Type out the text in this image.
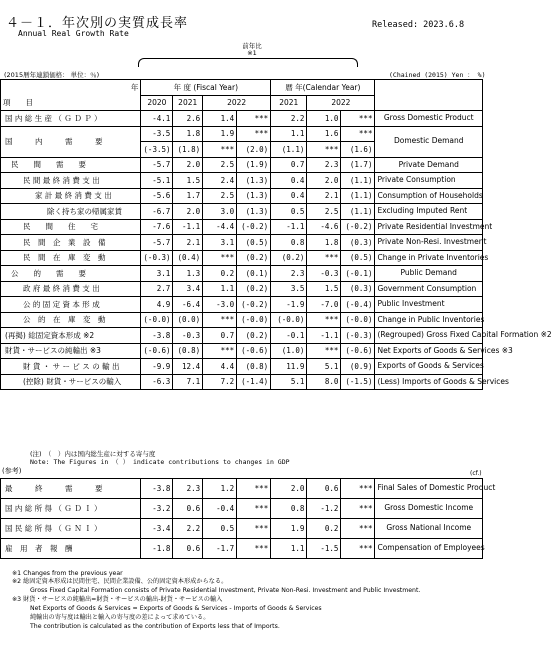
４－１．年次別の実質成長率
Annual Real Growth Rate
Released: 2023.6.8
前年比
※1
(2015暦年連鎖価格： 単位：％)	(Chained (2015) Yen ： %)
年	年 度 (Fiscal Year)				暦 年(Calendar Year)			
項　　目	2020	2021	2022		2021	2022		
国 内 総 生 産 （ Ｇ Ｄ Ｐ ）	-4.1	2.6	1.4	***	2.2	1.0	***	Gross Domestic Product
国　　　内　　　需　　　要	-3.5	1.8	1.9	***	1.1	1.6	***	Domestic Demand
	(-3.5)	(1.8)	***	(2.0)	(1.1)	***	(1.6)	
民　　間　　需　　要	-5.7	2.0	2.5	(1.9)	0.7	2.3	(1.7)	Private Demand
民 間 最 終 消 費 支 出	-5.1	1.5	2.4	(1.3)	0.4	2.0	(1.1)	Private Consumption
家 計 最 終 消 費 支 出	-5.6	1.7	2.5	(1.3)	0.4	2.1	(1.1)	Consumption of Households
除く持ち家の帰属家賃	-6.7	2.0	3.0	(1.3)	0.5	2.5	(1.1)	Excluding Imputed Rent
民　　間　　住　　宅	-7.6	-1.1	-4.4	(-0.2)	-1.1	-4.6	(-0.2)	Private Residential Investment
民　間　企　業　設　備	-5.7	2.1	3.1	(0.5)	0.8	1.8	(0.3)	Private Non-Resi. Investment
民　間　在　庫　変　動	(-0.3)	(0.4)	***	(0.2)	(0.2)	***	(0.5)	Change in Private Inventories
公　　的　　需　　要	3.1	1.3	0.2	(0.1)	2.3	-0.3	(-0.1)	Public Demand
政 府 最 終 消 費 支 出	2.7	3.4	1.1	(0.2)	3.5	1.5	(0.3)	Government Consumption
公 的 固 定 資 本 形 成	4.9	-6.4	-3.0	(-0.2)	-1.9	-7.0	(-0.4)	Public Investment
公　的　在　庫　変　動	(-0.0)	(0.0)	***	(-0.0)	(-0.0)	***	(-0.0)	Change in Public Inventories
(再掲) 総固定資本形成 ※2	-3.8	-0.3	0.7	(0.2)	-0.1	-1.1	(-0.3)	(Regrouped) Gross Fixed Capital Formation ※2
財貨・サービスの純輸出 ※3	(-0.6)	(0.8)	***	(-0.6)	(1.0)	***	(-0.6)	Net Exports of Goods & Services ※3
財 貨 ・ サ ー ビ ス の 輸 出	-9.9	12.4	4.4	(0.8)	11.9	5.1	(0.9)	Exports of Goods & Services
(控除) 財貨・サービスの輸入	-6.3	7.1	7.2	(-1.4)	5.1	8.0	(-1.5)	(Less) Imports of Goods & Services
(注)　（　）内は国内総生産に対する寄与度
Note: The Figures in （ ） indicate contributions to changes in GDP
(参考)	(cf.)
最　　　終　　　需　　　要	-3.8	2.3	1.2	***	2.0	0.6	***	Final Sales of Domestic Product
国 内 総 所 得 （ Ｇ Ｄ Ｉ ）	-3.2	0.6	-0.4	***	0.8	-1.2	***	Gross Domestic Income
国 民 総 所 得 （ Ｇ Ｎ Ｉ ）	-3.4	2.2	0.5	***	1.9	0.2	***	Gross National Income
雇　用　者　報　酬	-1.8	0.6	-1.7	***	1.1	-1.5	***	Compensation of Employees
※1 Changes from the previous year
※2 総固定資本形成は民間住宅、民間企業設備、公的固定資本形成からなる。
Gross Fixed Capital Formation consists of Private Residential Investment, Private Non-Resi. Investment and Public Investment.
※3 財貨・サービスの純輸出=財貨・サービスの輸出-財貨・サービスの輸入
Net Exports of Goods & Services = Exports of Goods & Services - Imports of Goods & Services
純輸出の寄与度は輸出と輸入の寄与度の差によって求めている。
The contribution is calculated as the contribution of Exports less that of Imports.
